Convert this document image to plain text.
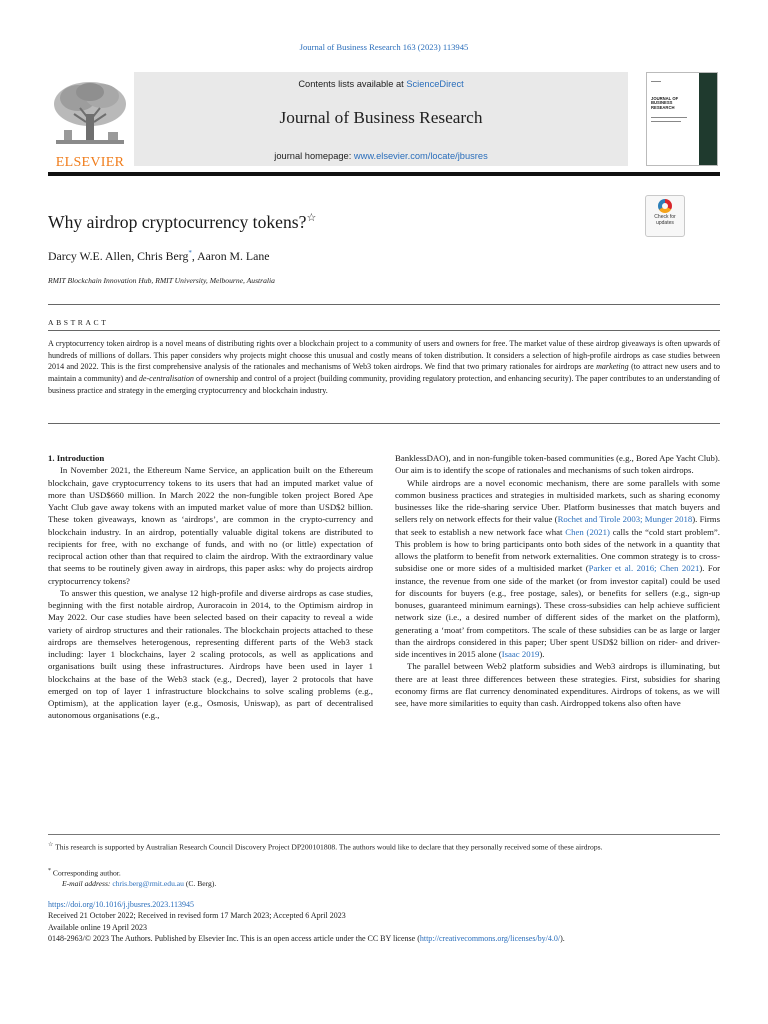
Journal of Business Research 163 (2023) 113945
ELSEVIER
Contents lists available at ScienceDirect
Journal of Business Research
journal homepage: www.elsevier.com/locate/jbusres
JOURNAL OF BUSINESS RESEARCH
Why airdrop cryptocurrency tokens?☆	Check for updates
Darcy W.E. Allen, Chris Berg*, Aaron M. Lane
RMIT Blockchain Innovation Hub, RMIT University, Melbourne, Australia
ABSTRACT
A cryptocurrency token airdrop is a novel means of distributing rights over a blockchain project to a community of users and owners for free. The market value of these airdrop giveaways is often upwards of hundreds of millions of dollars. This paper considers why projects might choose this unusual and costly means of token distribution. It considers a selection of high-profile airdrops as case studies between 2014 and 2022. This is the first comprehensive analysis of the rationales and mechanisms of Web3 token airdrops. We find that two primary rationales for airdrops are marketing (to attract new users and to maintain a community) and de-centralisation of ownership and control of a project (building community, providing regulatory protection, and enhancing security). The paper contributes to an understanding of business practice and strategy in the emerging cryptocurrency and blockchain industry.

1. Introduction

In November 2021, the Ethereum Name Service, an application built on the Ethereum blockchain, gave cryptocurrency tokens to its users that had an imputed market value of more than USD$660 million. In March 2022 the non-fungible token project Bored Ape Yacht Club gave away tokens with an imputed market value of more than USD$2 billion. These token giveaways, known as ‘airdrops’, are common in the crypto-currency and blockchain industry. In an airdrop, potentially valuable digital tokens are distributed to recipients for free, with no exchange of funds, and with no (or little) expectation of reciprocal action other than that required to claim the airdrop. With the extraordinary value that seems to be routinely given away in airdrops, this paper asks: why do projects airdrop cryptocurrency tokens?

To answer this question, we analyse 12 high-profile and diverse airdrops as case studies, beginning with the first notable airdrop, Auroracoin in 2014, to the Optimism airdrop in May 2022. Our case studies have been selected based on their capacity to reveal a wide variety of airdrop structures and their rationales. The blockchain projects attached to these airdrops are themselves heterogenous, representing different parts of the Web3 stack including: layer 1 blockchains, layer 2 scaling protocols, as well as applications and organisations built using these infrastructures. Airdrops have been used in layer 1 blockchains at the base of the Web3 stack (e.g., Decred), layer 2 protocols that have emerged on top of layer 1 infrastructure blockchains to solve scaling problems (e.g., Optimism), at the application layer (e.g., Osmosis, Uniswap), as part of decentralised autonomous organisations (e.g.,

BanklessDAO), and in non-fungible token-based communities (e.g., Bored Ape Yacht Club). Our aim is to identify the scope of rationales and mechanisms of such token airdrops.

While airdrops are a novel economic mechanism, there are some parallels with some common business practices and strategies in multisided markets, such as sharing economy businesses like the ride-sharing service Uber. Platform businesses that match buyers and sellers rely on network effects for their value (Rochet and Tirole 2003; Munger 2018). Firms that seek to establish a new network face what Chen (2021) calls the “cold start problem”. This problem is how to bring participants onto both sides of the network in a quantity that allows the platform to benefit from network externalities. One common strategy is to cross-subsidise one or more sides of a multisided market (Parker et al. 2016; Chen 2021). For instance, the revenue from one side of the market (or from investor capital) could be used for discounts for buyers (e.g., free postage, sales), or benefits for sellers (e.g., sign-up bonuses, guaranteed minimum earnings). These cross-subsidies can help achieve sufficient network size (i.e., a desired number of different sides of the market on the platform), generating a ‘moat’ from competitors. The scale of these subsidies can be as large or larger than the airdrops considered in this paper; Uber spent USD$2 billion on rider- and driver-side incentives in 2015 alone (Isaac 2019).

The parallel between Web2 platform subsidies and Web3 airdrops is illuminating, but there are at least three differences between these strategies. First, subsidies for sharing economy firms are flat currency denominated expenditures. Airdrops of tokens, as we will see, have more similarities to equity than cash. Airdropped tokens also often have

☆ This research is supported by Australian Research Council Discovery Project DP200101808. The authors would like to declare that they personally received some of these airdrops.
* Corresponding author.
E-mail address: chris.berg@rmit.edu.au (C. Berg).
https://doi.org/10.1016/j.jbusres.2023.113945
Received 21 October 2022; Received in revised form 17 March 2023; Accepted 6 April 2023
Available online 19 April 2023
0148-2963/© 2023 The Authors. Published by Elsevier Inc. This is an open access article under the CC BY license (http://creativecommons.org/licenses/by/4.0/).
